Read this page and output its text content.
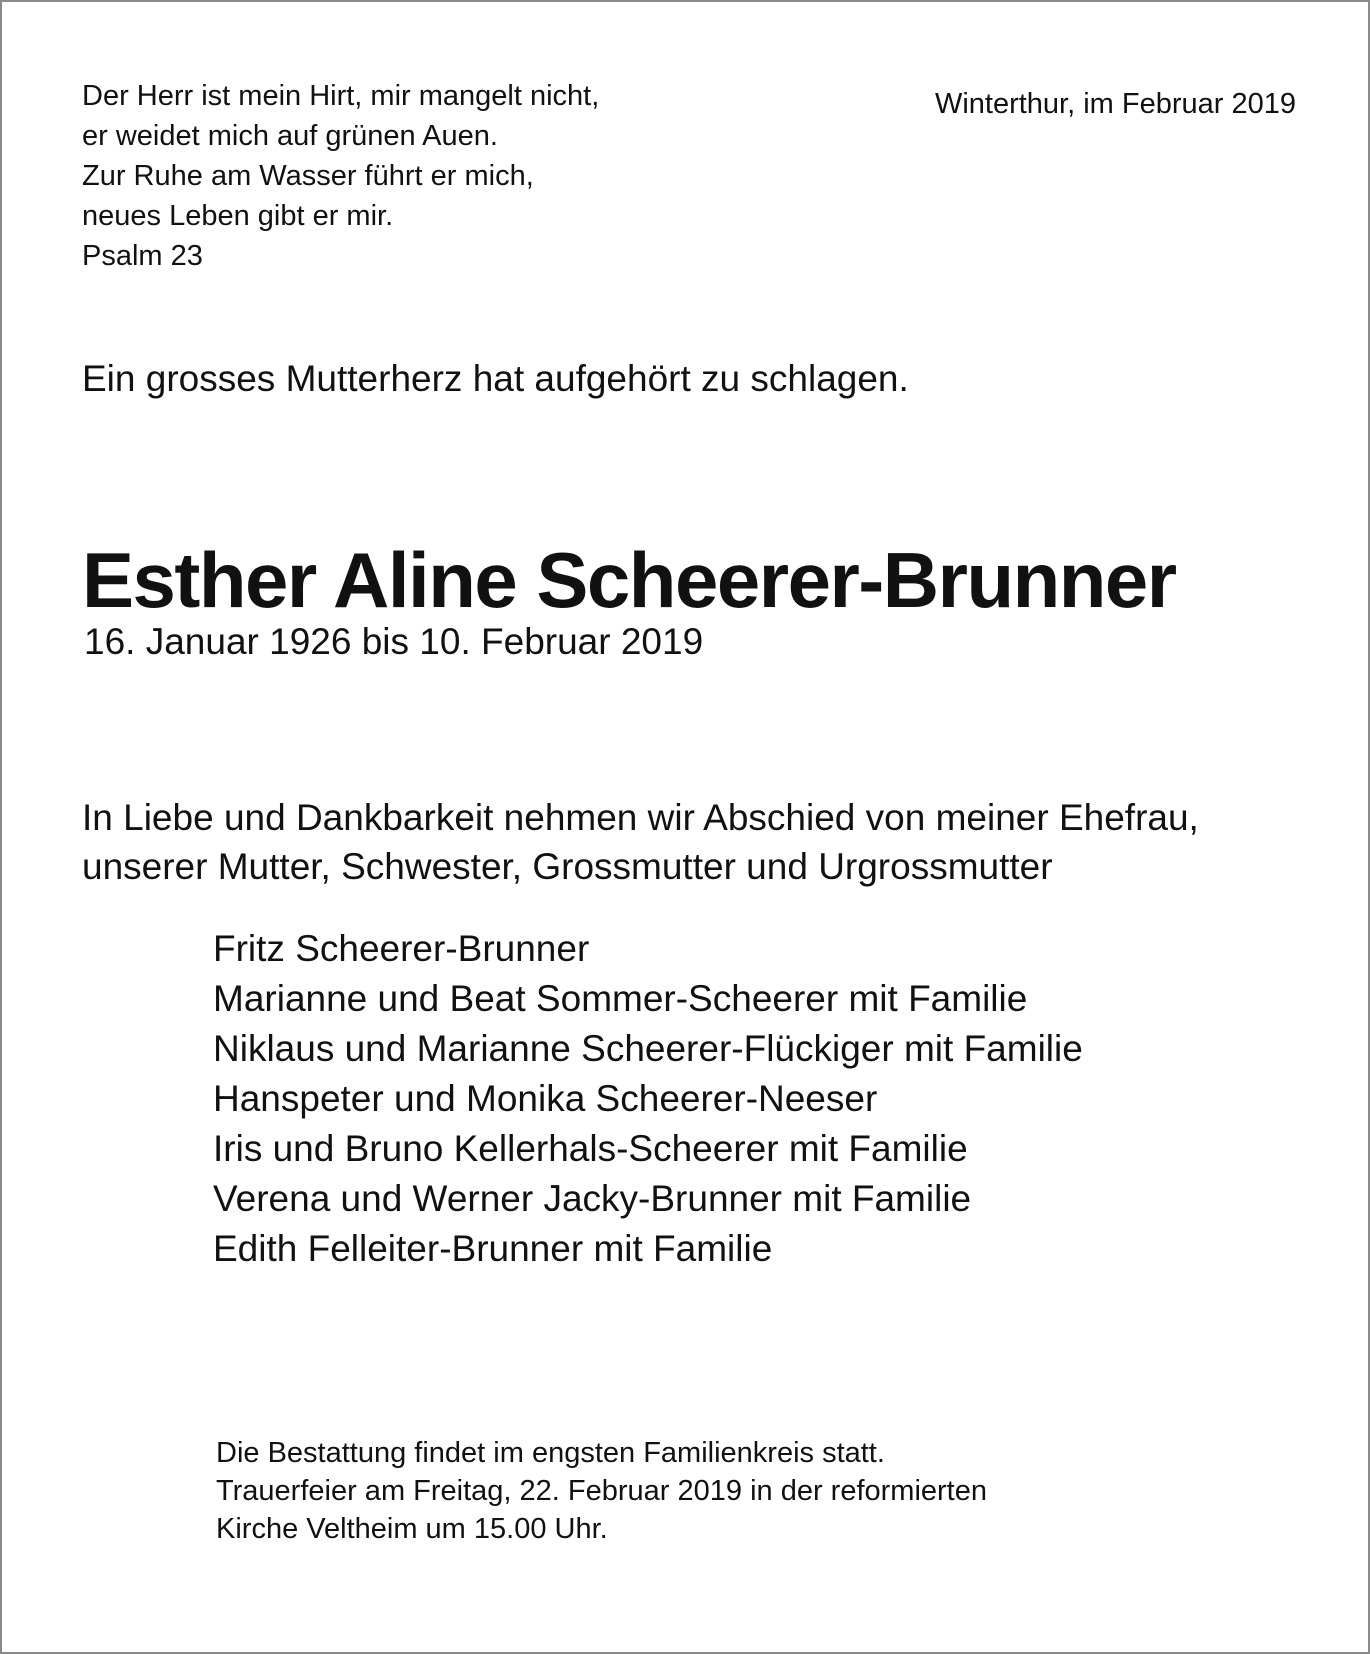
Der Herr ist mein Hirt, mir mangelt nicht,
er weidet mich auf grünen Auen.
Zur Ruhe am Wasser führt er mich,
neues Leben gibt er mir.
Psalm 23
Winterthur, im Februar 2019
Ein grosses Mutterherz hat aufgehört zu schlagen.
Esther Aline Scheerer-Brunner
16. Januar 1926 bis 10. Februar 2019
In Liebe und Dankbarkeit nehmen wir Abschied von meiner Ehefrau,
unserer Mutter, Schwester, Grossmutter und Urgrossmutter
Fritz Scheerer-Brunner
Marianne und Beat Sommer-Scheerer mit Familie
Niklaus und Marianne Scheerer-Flückiger mit Familie
Hanspeter und Monika Scheerer-Neeser
Iris und Bruno Kellerhals-Scheerer mit Familie
Verena und Werner Jacky-Brunner mit Familie
Edith Felleiter-Brunner mit Familie
Die Bestattung findet im engsten Familienkreis statt.
Trauerfeier am Freitag, 22. Februar 2019 in der reformierten
Kirche Veltheim um 15.00 Uhr.
